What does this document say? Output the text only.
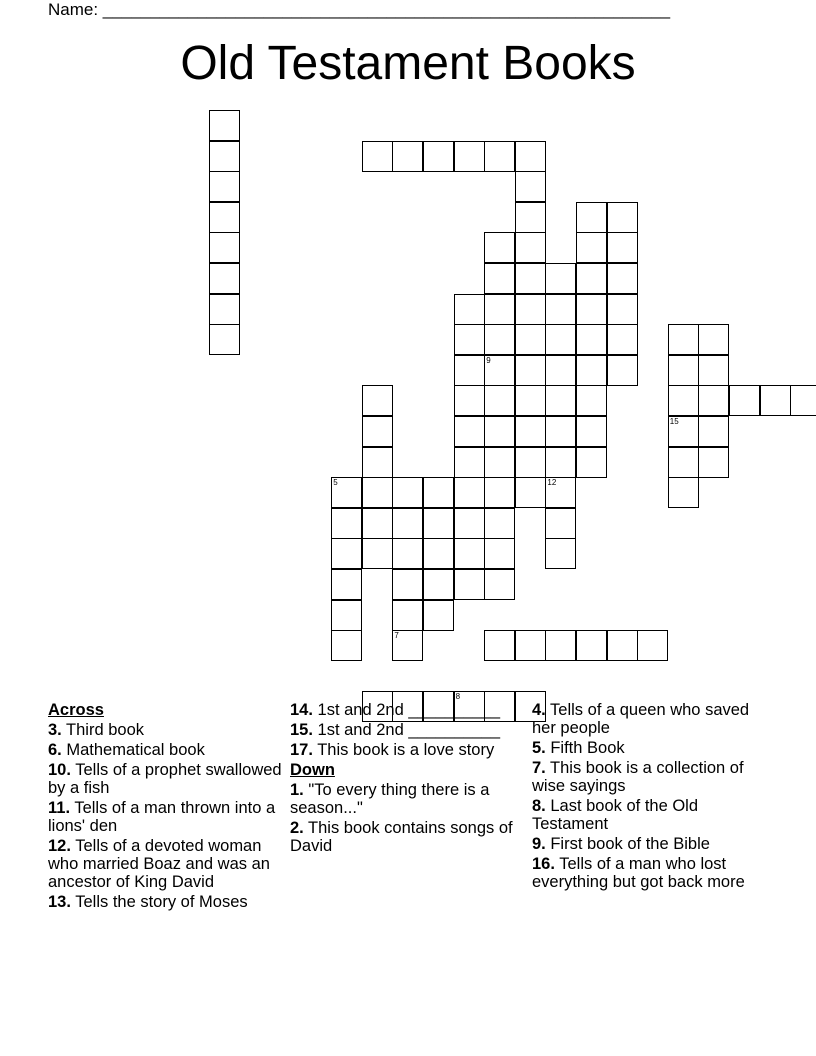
Name: ____________________________________________________________
Old Testament Books
9
15
7
5	12
8
Across
3. Third book
6. Mathematical book
10. Tells of a prophet swallowed by a fish
11. Tells of a man thrown into a lions' den
12. Tells of a devoted woman who married Boaz and was an ancestor of King David
13. Tells the story of Moses
14. 1st and 2nd __________
15. 1st and 2nd __________
17. This book is a love story
Down
1. "To every thing there is a season..."
2. This book contains songs of David
4. Tells of a queen who saved her people
5. Fifth Book
7. This book is a collection of wise sayings
8. Last book of the Old Testament
9. First book of the Bible
16. Tells of a man who lost everything but got back more
